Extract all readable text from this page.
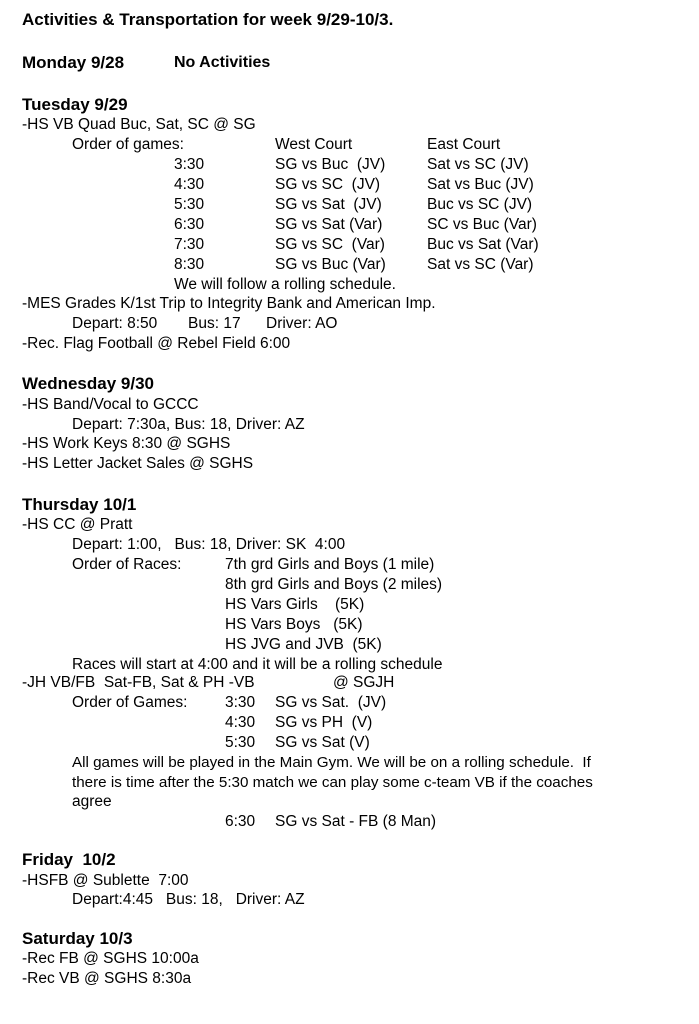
Activities & Transportation for week 9/29-10/3.
Monday 9/28	No Activities
Tuesday 9/29
-HS VB Quad Buc, Sat, SC @ SG
Order of games:	West Court	East Court
3:30	SG vs Buc  (JV)	Sat vs SC (JV)
4:30	SG vs SC  (JV)	Sat vs Buc (JV)
5:30	SG vs Sat  (JV)	Buc vs SC (JV)
6:30	SG vs Sat (Var)	SC vs Buc (Var)
7:30	SG vs SC  (Var)	Buc vs Sat (Var)
8:30	SG vs Buc (Var)	Sat vs SC (Var)
We will follow a rolling schedule.
-MES Grades K/1st Trip to Integrity Bank and American Imp.
Depart: 8:50 Bus: 17 Driver: AO
-Rec. Flag Football @ Rebel Field 6:00
Wednesday 9/30
-HS Band/Vocal to GCCC
Depart: 7:30a, Bus: 18, Driver: AZ
-HS Work Keys 8:30 @ SGHS
-HS Letter Jacket Sales @ SGHS
Thursday 10/1
-HS CC @ Pratt
Depart: 1:00,   Bus: 18, Driver: SK  4:00
Order of Races:	7th grd Girls and Boys (1 mile)
8th grd Girls and Boys (2 miles)
HS Vars Girls    (5K)
HS Vars Boys   (5K)
HS JVG and JVB  (5K)
Races will start at 4:00 and it will be a rolling schedule
-JH VB/FB  Sat-FB, Sat & PH -VB	@ SGJH
Order of Games: 3:30 SG vs Sat.  (JV)
4:30 SG vs PH  (V)
5:30 SG vs Sat (V)
All games will be played in the Main Gym. We will be on a rolling schedule.  If
there is time after the 5:30 match we can play some c-team VB if the coaches
agree
6:30 SG vs Sat - FB (8 Man)
Friday  10/2
-HSFB @ Sublette  7:00
Depart:4:45   Bus: 18,   Driver: AZ
Saturday 10/3
-Rec FB @ SGHS 10:00a
-Rec VB @ SGHS 8:30a
